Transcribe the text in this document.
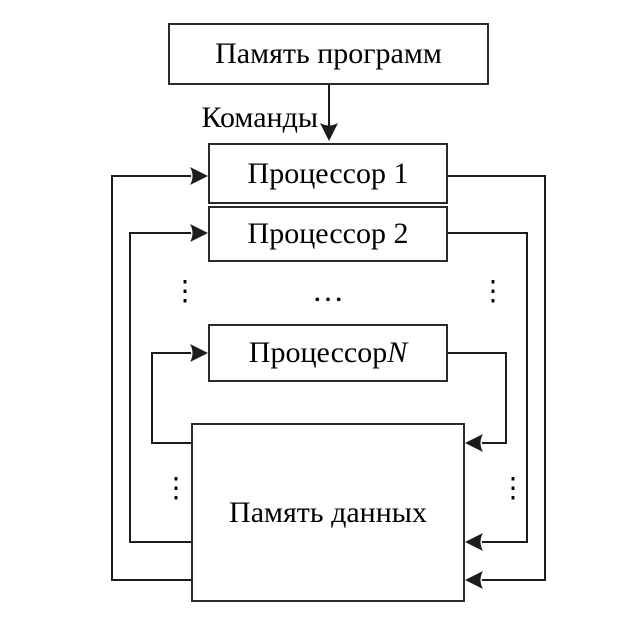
Память программ
Команды
Процессор 1
Процессор 2
⋮	…	⋮
Процессор N
⋮	⋮
Память данных
